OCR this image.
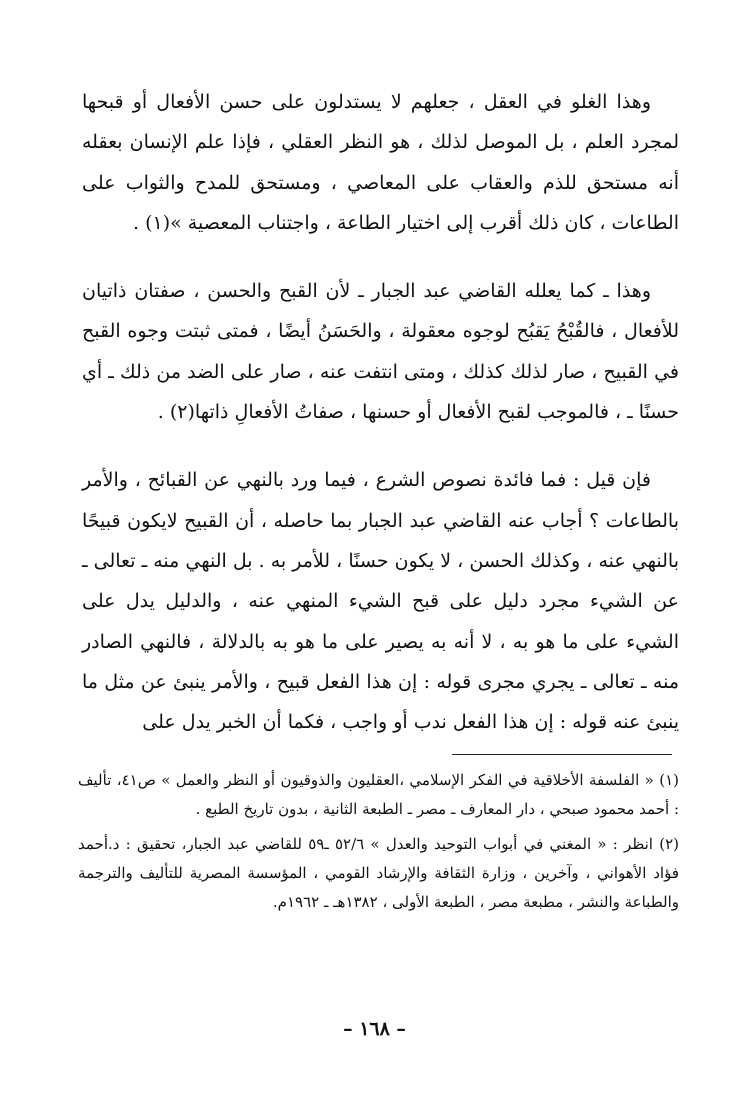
وهذا الغلو في العقل ، جعلهم لا يستدلون على حسن الأفعال أو قبحها لمجرد العلم ، بل الموصل لذلك ، هو النظر العقلي ، فإذا علم الإنسان بعقله أنه مستحق للذم والعقاب على المعاصي ، ومستحق للمدح والثواب على الطاعات ، كان ذلك أقرب إلى اختيار الطاعة ، واجتناب المعصية »(١) .

وهذا ـ كما يعلله القاضي عبد الجبار ـ لأن القبح والحسن ، صفتان ذاتيان للأفعال ، فالقُبْحُ يَقبُح لوجوه معقولة ، والحَسَنُ أيضًا ، فمتى ثبتت وجوه القبح في القبيح ، صار لذلك كذلك ، ومتى انتفت عنه ، صار على الضد من ذلك ـ أي حسنًا ـ ، فالموجب لقبح الأفعال أو حسنها ، صفاتُ الأفعالِ ذاتها(٢) .

فإن قيل : فما فائدة نصوص الشرع ، فيما ورد بالنهي عن القبائح ، والأمر بالطاعات ؟ أجاب عنه القاضي عبد الجبار بما حاصله ، أن القبيح لايكون قبيحًا بالنهي عنه ، وكذلك الحسن ، لا يكون حسنًا ، للأمر به . بل النهي منه ـ تعالى ـ عن الشيء مجرد دليل على قبح الشيء المنهي عنه ، والدليل يدل على الشيء على ما هو به ، لا أنه به يصير على ما هو به بالدلالة ، فالنهي الصادر منه ـ تعالى ـ يجري مجرى قوله : إن هذا الفعل قبيح ، والأمر ينبئ عن مثل ما ينبئ عنه قوله : إن هذا الفعل ندب أو واجب ، فكما أن الخبر يدل على

(١) « الفلسفة الأخلاقية في الفكر الإسلامي ،العقليون والذوقيون أو النظر والعمل » ص٤١، تأليف : أحمد محمود صبحي ، دار المعارف ـ مصر ـ الطبعة الثانية ، بدون تاريخ الطبع .
(٢) انظر : « المغني في أبواب التوحيد والعدل » ٥٢/٦ ـ٥٩ للقاضي عبد الجبار، تحقيق : د.أحمد فؤاد الأهواني ، وآخرين ، وزارة الثقافة والإرشاد القومي ، المؤسسة المصرية للتأليف والترجمة والطباعة والنشر ، مطبعة مصر ، الطبعة الأولى ، ١٣٨٢هـ ـ ١٩٦٢م.
– ١٦٨ –
